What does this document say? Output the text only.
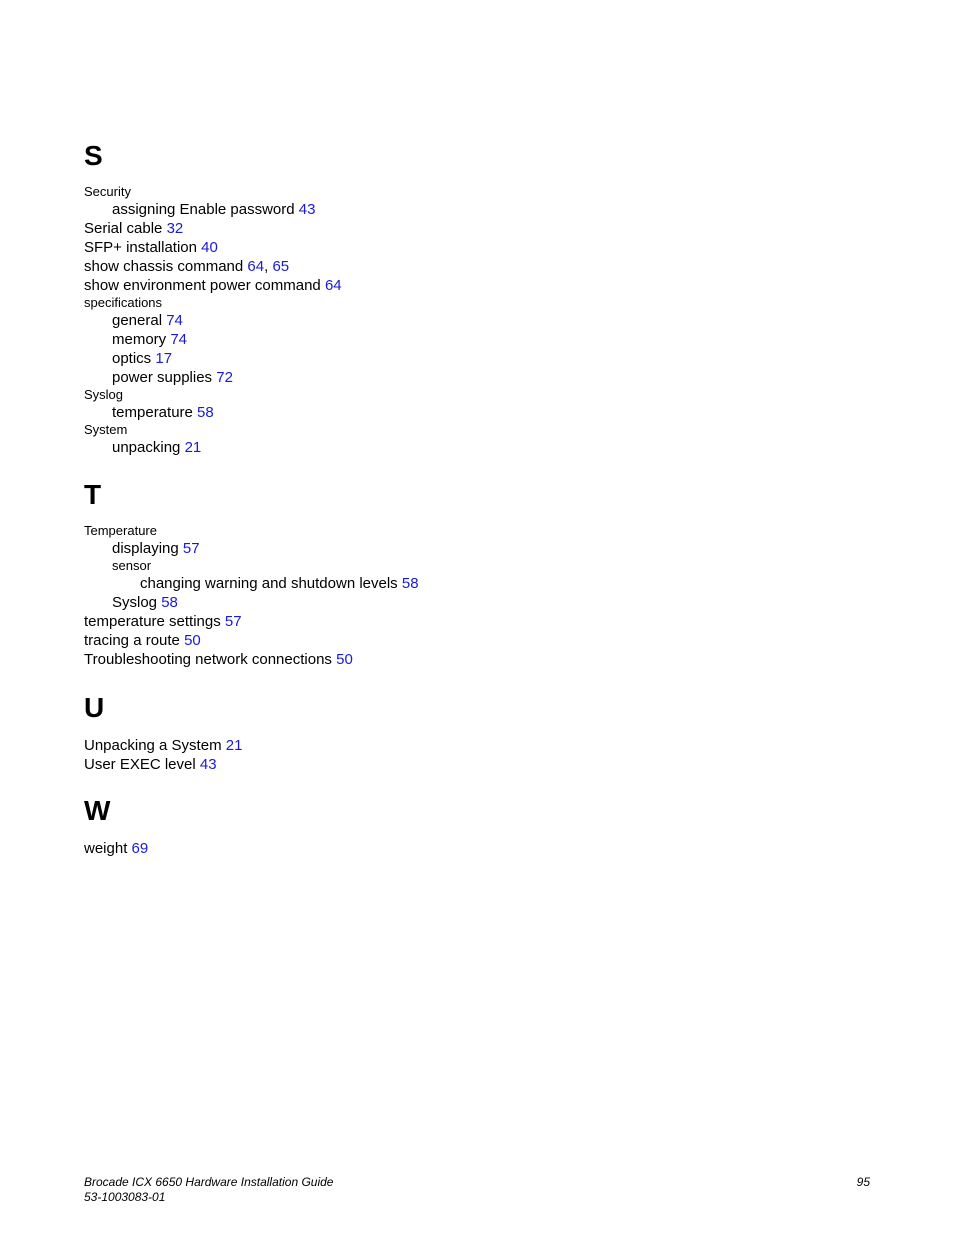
S
Security
assigning Enable password 43
Serial cable 32
SFP+ installation 40
show chassis command 64, 65
show environment power command 64
specifications
general 74
memory 74
optics 17
power supplies 72
Syslog
temperature 58
System
unpacking 21
T
Temperature
displaying 57
sensor
changing warning and shutdown levels 58
Syslog 58
temperature settings 57
tracing a route 50
Troubleshooting network connections 50
U
Unpacking a System 21
User EXEC level 43
W
weight 69
Brocade ICX 6650 Hardware Installation Guide
53-1003083-01
95
